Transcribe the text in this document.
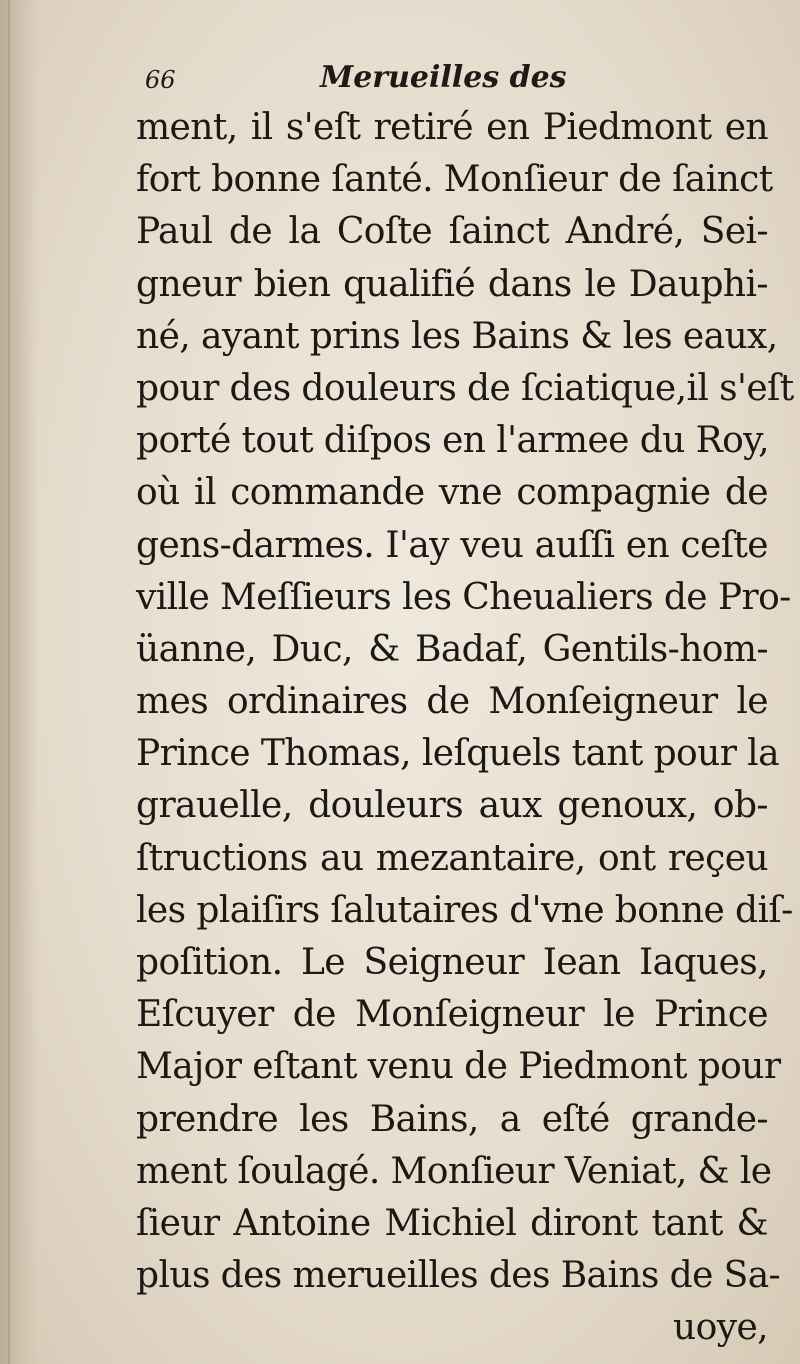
66	Merueilles des
ment, il s'eſt retiré en Piedmont en
fort bonne ſanté. Monſieur de ſainct
Paul de la Coſte ſainct André, Sei-
gneur bien qualifié dans le Dauphi-
né, ayant prins les Bains & les eaux,
pour des douleurs de ſciatique,il s'eſt
porté tout diſpos en l'armee du Roy,
où il commande vne compagnie de
gens-darmes. I'ay veu auſſi en ceſte
ville Meſſieurs les Cheualiers de Pro-
üanne, Duc, & Badaf, Gentils-hom-
mes ordinaires de Monſeigneur le
Prince Thomas, leſquels tant pour la
grauelle, douleurs aux genoux, ob-
ſtructions au mezantaire, ont reçeu
les plaiſirs ſalutaires d'vne bonne diſ-
poſition. Le Seigneur Iean Iaques,
Eſcuyer de Monſeigneur le Prince
Major eſtant venu de Piedmont pour
prendre les Bains, a eſté grande-
ment ſoulagé. Monſieur Veniat, & le
ſieur Antoine Michiel diront tant &
plus des merueilles des Bains de Sa-
uoye,
